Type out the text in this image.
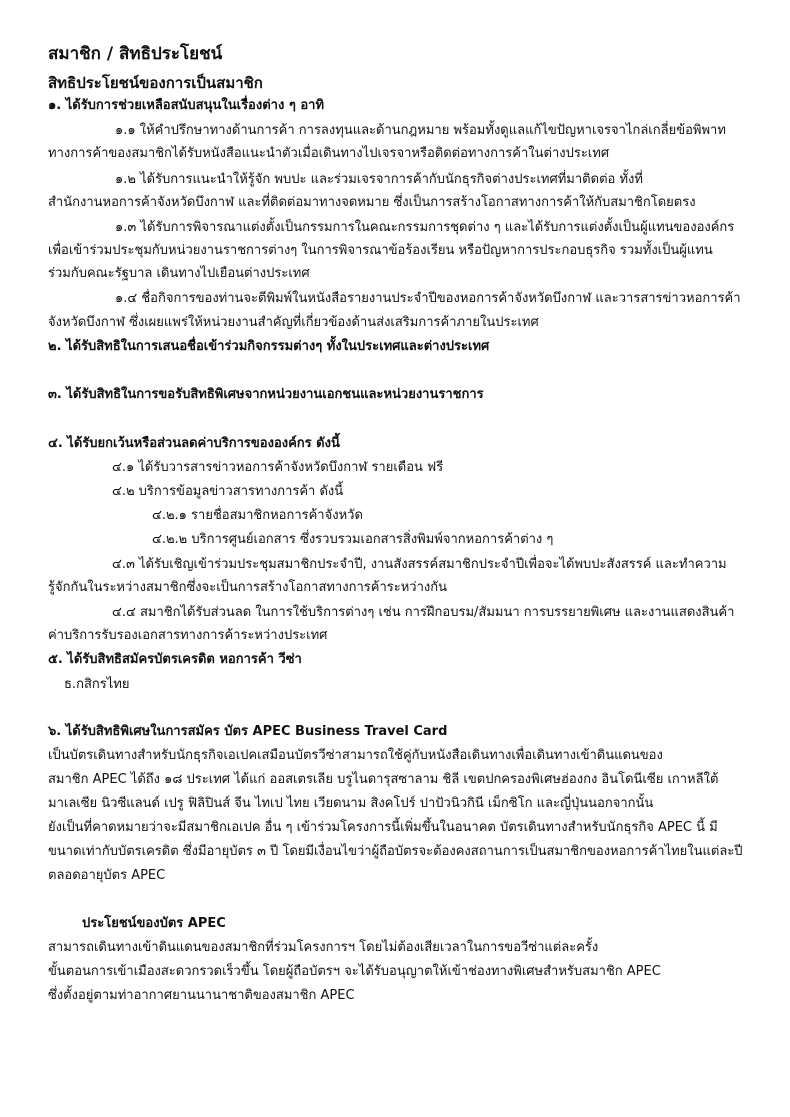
สมาชิก / สิทธิประโยชน์
สิทธิประโยชน์ของการเป็นสมาชิก
๑. ได้รับการช่วยเหลือสนับสนุนในเรื่องต่าง ๆ อาทิ
๑.๑ ให้คำปรึกษาทางด้านการค้า การลงทุนและด้านกฎหมาย พร้อมทั้งดูแลแก้ไขปัญหาเจรจาไกล่เกลี่ยข้อพิพาท
ทางการค้าของสมาชิกได้รับหนังสือแนะนำตัวเมื่อเดินทางไปเจรจาหรือติดต่อทางการค้าในต่างประเทศ
๑.๒ ได้รับการแนะนำให้รู้จัก พบปะ และร่วมเจรจาการค้ากับนักธุรกิจต่างประเทศที่มาติดต่อ ทั้งที่
สำนักงานหอการค้าจังหวัดบึงกาฬ และที่ติดต่อมาทางจดหมาย ซึ่งเป็นการสร้างโอกาสทางการค้าให้กับสมาชิกโดยตรง
๑.๓ ได้รับการพิจารณาแต่งตั้งเป็นกรรมการในคณะกรรมการชุดต่าง ๆ และได้รับการแต่งตั้งเป็นผู้แทนขององค์กร
เพื่อเข้าร่วมประชุมกับหน่วยงานราชการต่างๆ ในการพิจารณาข้อร้องเรียน หรือปัญหาการประกอบธุรกิจ รวมทั้งเป็นผู้แทน
ร่วมกับคณะรัฐบาล เดินทางไปเยือนต่างประเทศ
๑.๔ ชื่อกิจการของท่านจะตีพิมพ์ในหนังสือรายงานประจำปีของหอการค้าจังหวัดบึงกาฬ และวารสารข่าวหอการค้า
จังหวัดบึงกาฬ ซึ่งเผยแพร่ให้หน่วยงานสำคัญที่เกี่ยวข้องด้านส่งเสริมการค้าภายในประเทศ
๒. ได้รับสิทธิในการเสนอชื่อเข้าร่วมกิจกรรมต่างๆ ทั้งในประเทศและต่างประเทศ
๓. ได้รับสิทธิในการขอรับสิทธิพิเศษจากหน่วยงานเอกชนและหน่วยงานราชการ
๔. ได้รับยกเว้นหรือส่วนลดค่าบริการขององค์กร ดังนี้
๔.๑ ได้รับวารสารข่าวหอการค้าจังหวัดบึงกาฬ รายเดือน ฟรี
๔.๒ บริการข้อมูลข่าวสารทางการค้า ดังนี้
๔.๒.๑ รายชื่อสมาชิกหอการค้าจังหวัด
๔.๒.๒ บริการศูนย์เอกสาร ซึ่งรวบรวมเอกสารสิ่งพิมพ์จากหอการค้าต่าง ๆ
๔.๓ ได้รับเชิญเข้าร่วมประชุมสมาชิกประจำปี, งานสังสรรค์สมาชิกประจำปีเพื่อจะได้พบปะสังสรรค์ และทำความ
รู้จักกันในระหว่างสมาชิกซึ่งจะเป็นการสร้างโอกาสทางการค้าระหว่างกัน
๔.๔ สมาชิกได้รับส่วนลด ในการใช้บริการต่างๆ เช่น การฝึกอบรม/สัมมนา การบรรยายพิเศษ และงานแสดงสินค้า
ค่าบริการรับรองเอกสารทางการค้าระหว่างประเทศ
๕. ได้รับสิทธิสมัครบัตรเครดิต หอการค้า วีซ่า
ธ.กสิกรไทย
๖. ได้รับสิทธิพิเศษในการสมัคร บัตร APEC Business Travel Card
เป็นบัตรเดินทางสำหรับนักธุรกิจเอเปคเสมือนบัตรวีซ่าสามารถใช้คู่กับหนังสือเดินทางเพื่อเดินทางเข้าดินแดนของ
สมาชิก APEC ได้ถึง ๑๘ ประเทศ ได้แก่ ออสเตรเลีย บรูไนดารุสซาลาม ชิลี เขตปกครองพิเศษฮ่องกง อินโดนีเซีย เกาหลีใต้
มาเลเซีย นิวซีแลนด์ เปรู ฟิลิปินส์ จีน ไทเป ไทย เวียดนาม สิงคโปร์ ปาปัวนิวกินี เม็กซิโก และญี่ปุ่นนอกจากนั้น
ยังเป็นที่คาดหมายว่าจะมีสมาชิกเอเปค อื่น ๆ เข้าร่วมโครงการนี้เพิ่มขึ้นในอนาคต บัตรเดินทางสำหรับนักธุรกิจ APEC นี้ มี
ขนาดเท่ากับบัตรเครดิต ซึ่งมีอายุบัตร ๓ ปี โดยมีเงื่อนไขว่าผู้ถือบัตรจะต้องคงสถานการเป็นสมาชิกของหอการค้าไทยในแต่ละปี
ตลอดอายุบัตร APEC
ประโยชน์ของบัตร APEC
สามารถเดินทางเข้าดินแดนของสมาชิกที่ร่วมโครงการฯ โดยไม่ต้องเสียเวลาในการขอวีซ่าแต่ละครั้ง
ขั้นตอนการเข้าเมืองสะดวกรวดเร็วขึ้น โดยผู้ถือบัตรฯ จะได้รับอนุญาตให้เข้าช่องทางพิเศษสำหรับสมาชิก APEC
ซึ่งตั้งอยู่ตามท่าอากาศยานนานาชาติของสมาชิก APEC
